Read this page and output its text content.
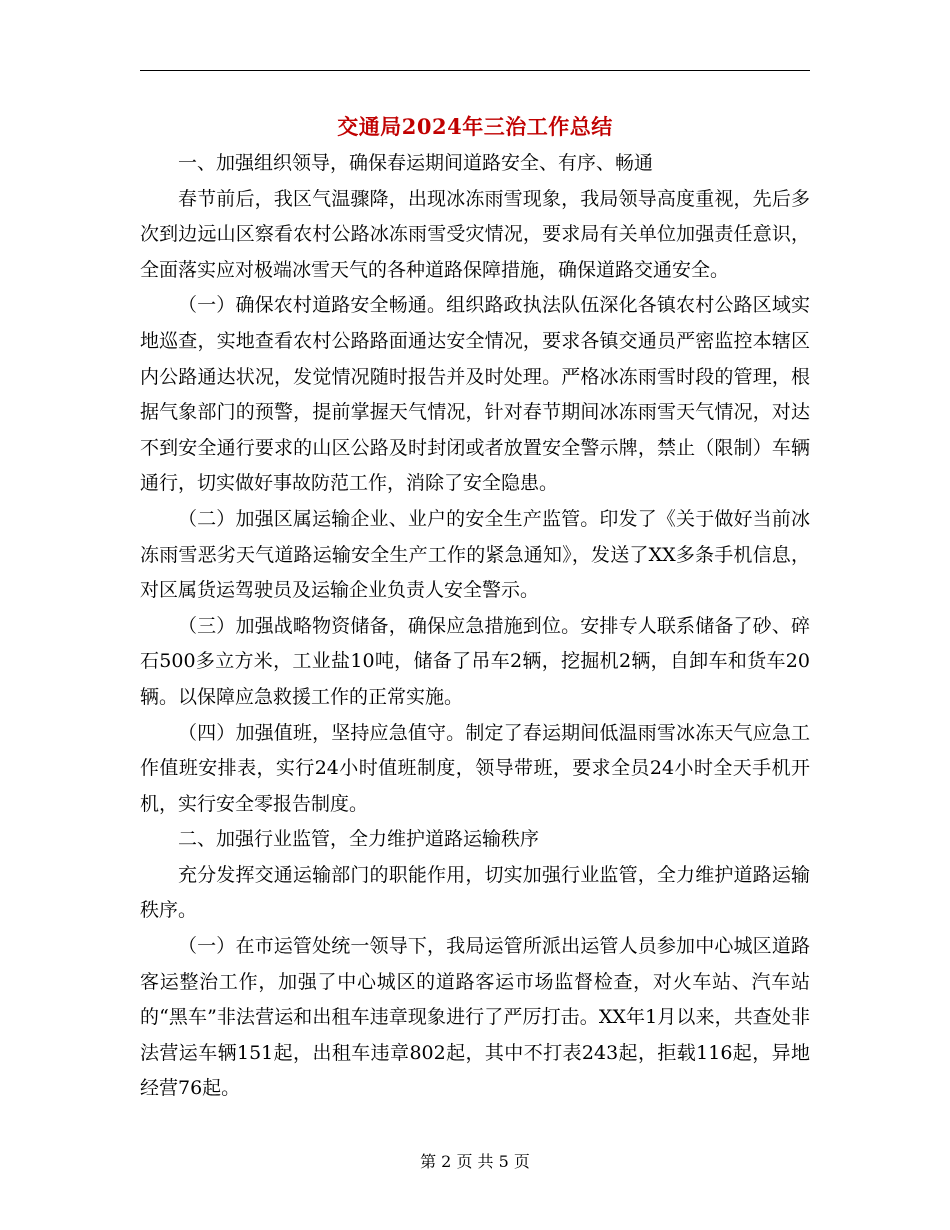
交通局2024年三治工作总结

一、加强组织领导，确保春运期间道路安全、有序、畅通

春节前后，我区气温骤降，出现冰冻雨雪现象，我局领导高度重视，先后多次到边远山区察看农村公路冰冻雨雪受灾情况，要求局有关单位加强责任意识，全面落实应对极端冰雪天气的各种道路保障措施，确保道路交通安全。

（一）确保农村道路安全畅通。组织路政执法队伍深化各镇农村公路区域实地巡查，实地查看农村公路路面通达安全情况，要求各镇交通员严密监控本辖区内公路通达状况，发觉情况随时报告并及时处理。严格冰冻雨雪时段的管理，根据气象部门的预警，提前掌握天气情况，针对春节期间冰冻雨雪天气情况，对达不到安全通行要求的山区公路及时封闭或者放置安全警示牌，禁止（限制）车辆通行，切实做好事故防范工作，消除了安全隐患。

（二）加强区属运输企业、业户的安全生产监管。印发了《关于做好当前冰冻雨雪恶劣天气道路运输安全生产工作的紧急通知》，发送了XX多条手机信息，对区属货运驾驶员及运输企业负责人安全警示。

（三）加强战略物资储备，确保应急措施到位。安排专人联系储备了砂、碎石500多立方米，工业盐10吨，储备了吊车2辆，挖掘机2辆，自卸车和货车20辆。以保障应急救援工作的正常实施。

（四）加强值班，坚持应急值守。制定了春运期间低温雨雪冰冻天气应急工作值班安排表，实行24小时值班制度，领导带班，要求全员24小时全天手机开机，实行安全零报告制度。

二、加强行业监管，全力维护道路运输秩序

充分发挥交通运输部门的职能作用，切实加强行业监管，全力维护道路运输秩序。

（一）在市运管处统一领导下，我局运管所派出运管人员参加中心城区道路客运整治工作，加强了中心城区的道路客运市场监督检查，对火车站、汽车站的“黑车”非法营运和出租车违章现象进行了严厉打击。XX年1月以来，共查处非法营运车辆151起，出租车违章802起，其中不打表243起，拒载116起，异地经营76起。

第 2 页 共 5 页
